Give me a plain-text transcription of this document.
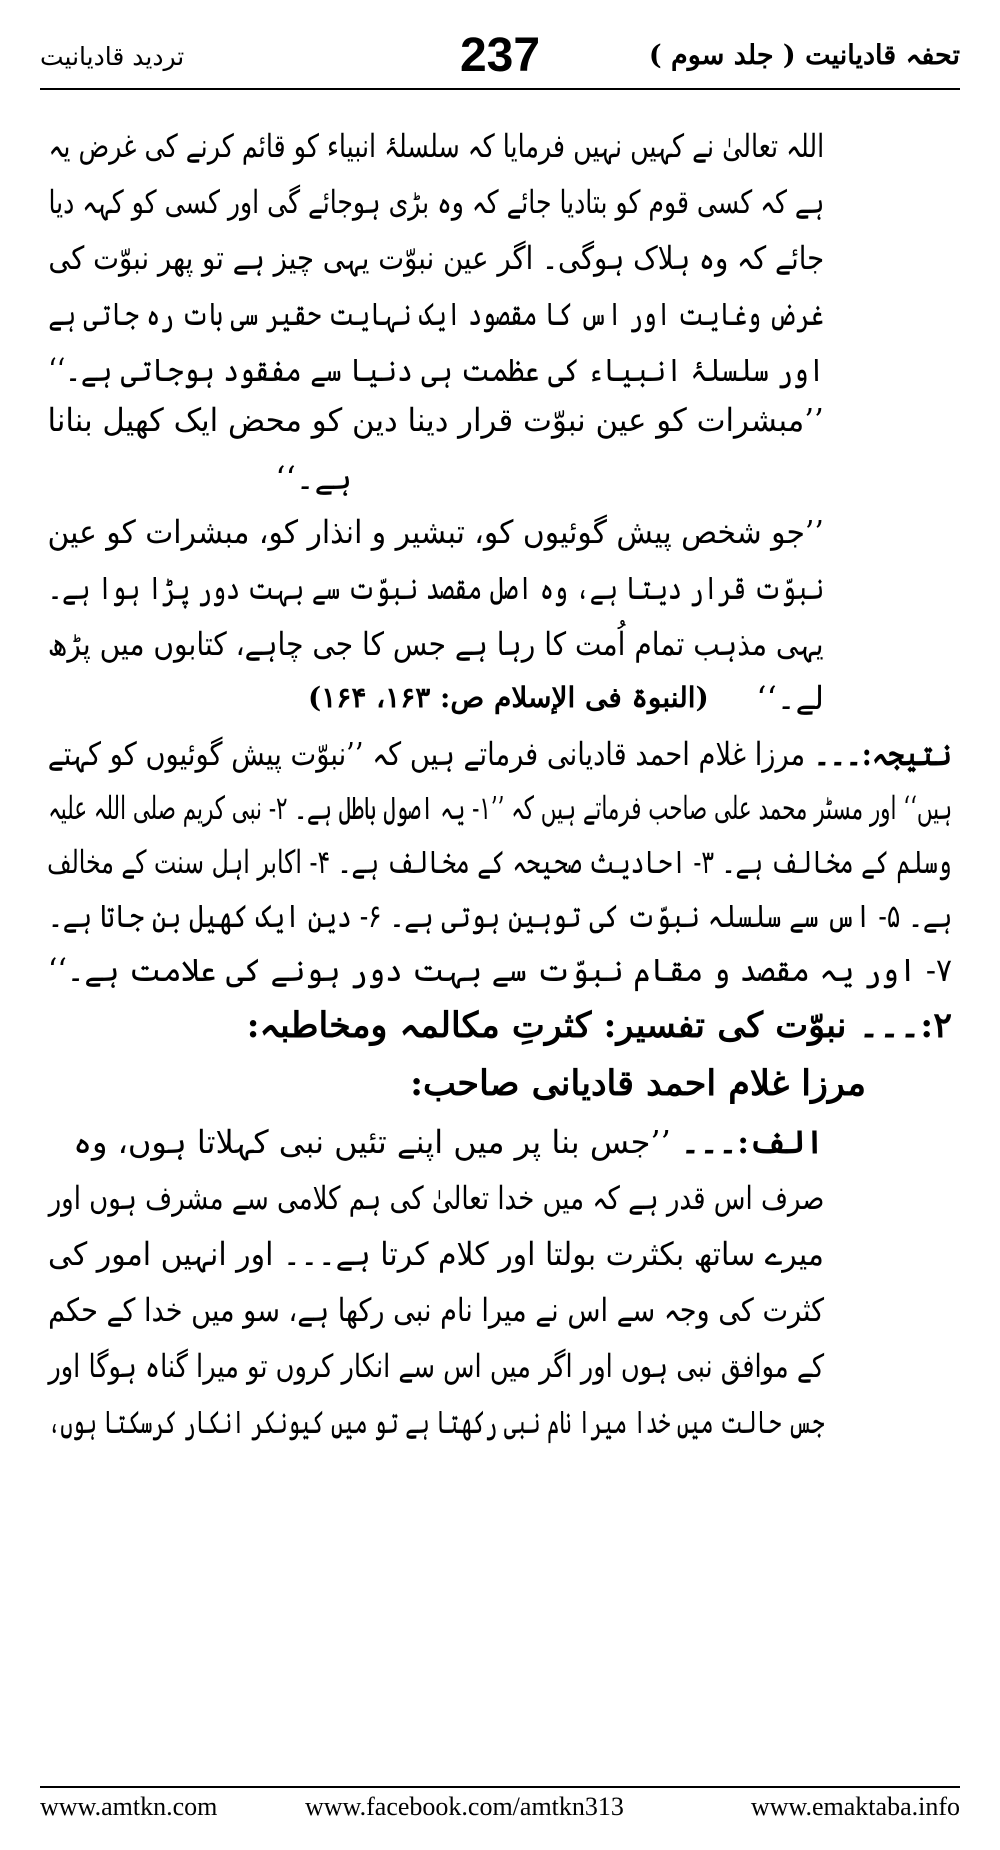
تحفہ قادیانیت ( جلد سوم )
237
تردید قادیانیت
اللہ تعالیٰ نے کہیں نہیں فرمایا کہ سلسلۂ انبیاء کو قائم کرنے کی غرض یہ
ہے کہ کسی قوم کو بتادیا جائے کہ وہ بڑی ہوجائے گی اور کسی کو کہہ دیا
جائے کہ وہ ہلاک ہوگی۔ اگر عین نبوّت یہی چیز ہے تو پھر نبوّت کی
غرض وغایت اور اس کا مقصود ایک نہایت حقیر سی بات رہ جاتی ہے
اور سلسلۂ انبیاء کی عظمت ہی دنیا سے مفقود ہوجاتی ہے۔‘‘
’’مبشرات کو عین نبوّت قرار دینا دین کو محض ایک کھیل بنانا
ہے۔‘‘
’’جو شخص پیش گوئیوں کو، تبشیر و انذار کو، مبشرات کو عین
نبوّت قرار دیتا ہے، وہ اصل مقصد نبوّت سے بہت دور پڑا ہوا ہے۔
یہی مذہب تمام اُمت کا رہا ہے جس کا جی چاہے، کتابوں میں پڑھ
لے۔‘‘
(النبوۃ فی الإسلام ص: ۱۶۳، ۱۶۴)
نتیجہ:۔۔۔ مرزا غلام احمد قادیانی فرماتے ہیں کہ ’’نبوّت پیش گوئیوں کو کہتے
ہیں‘‘ اور مسٹر محمد علی صاحب فرماتے ہیں کہ ’’۱- یہ اصول باطل ہے۔ ۲- نبی کریم صلی اللہ علیہ
وسلم کے مخالف ہے۔ ۳- احادیث صحیحہ کے مخالف ہے۔ ۴- اکابر اہل سنت کے مخالف
ہے۔ ۵- اس سے سلسلہ نبوّت کی توہین ہوتی ہے۔ ۶- دین ایک کھیل بن جاتا ہے۔
۷- اور یہ مقصد و مقام نبوّت سے بہت دور ہونے کی علامت ہے۔‘‘
۲:۔۔۔ نبوّت کی تفسیر: کثرتِ مکالمہ ومخاطبہ:
مرزا غلام احمد قادیانی صاحب:
الف:۔۔۔ ’’جس بنا پر میں اپنے تئیں نبی کہلاتا ہوں، وہ
صرف اس قدر ہے کہ میں خدا تعالیٰ کی ہم کلامی سے مشرف ہوں اور
میرے ساتھ بکثرت بولتا اور کلام کرتا ہے۔۔۔ اور انہیں امور کی
کثرت کی وجہ سے اس نے میرا نام نبی رکھا ہے، سو میں خدا کے حکم
کے موافق نبی ہوں اور اگر میں اس سے انکار کروں تو میرا گناہ ہوگا اور
جس حالت میں خدا میرا نام نبی رکھتا ہے تو میں کیونکر انکار کرسکتا ہوں،
www.amtkn.com	www.facebook.com/amtkn313	www.emaktaba.info
